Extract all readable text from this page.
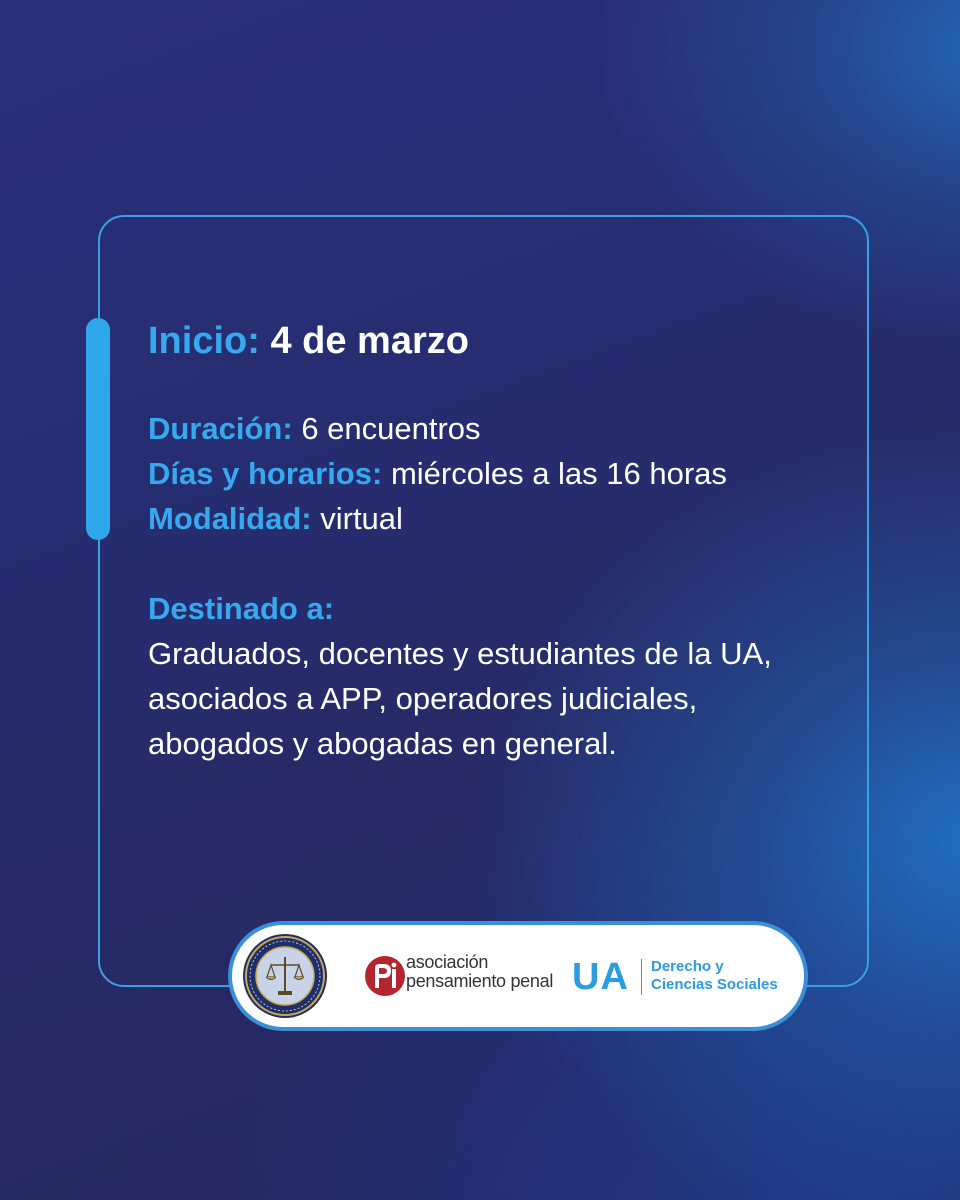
Inicio: 4 de marzo

Duración: 6 encuentros
Días y horarios: miércoles a las 16 horas
Modalidad: virtual
Destinado a:
Graduados, docentes y estudiantes de la UA, asociados a APP, operadores judiciales, abogados y abogadas en general.
asociación
pensamiento penal UA Derecho y
Ciencias Sociales
